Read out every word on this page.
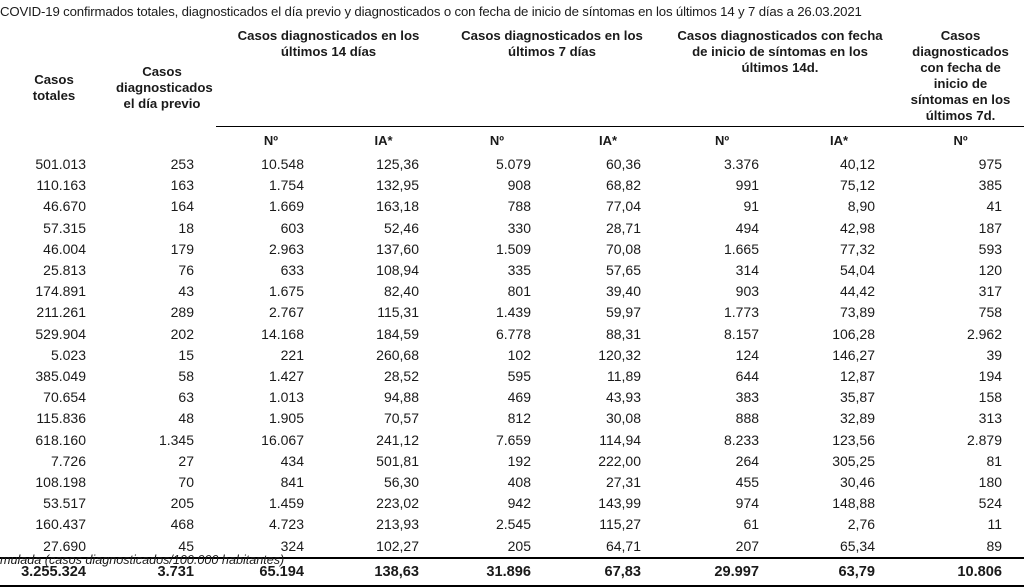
COVID-19 confirmados totales, diagnosticados el día previo y diagnosticados o con fecha de inicio de síntomas en los últimos 14 y 7 días a 26.03.2021
Casos
totales	Casos
diagnosticados
el día previo	Casos diagnosticados en los últimos 14 días		Casos diagnosticados en los últimos 7 días		Casos diagnosticados con fecha de inicio de síntomas en los últimos 14d.		Casos diagnosticados con fecha de inicio de síntomas en los últimos 7d.

		Nº	IA*	Nº	IA*	Nº	IA*	Nº
501.013	253	10.548	125,36	5.079	60,36	3.376	40,12	975
110.163	163	1.754	132,95	908	68,82	991	75,12	385
46.670	164	1.669	163,18	788	77,04	91	8,90	41
57.315	18	603	52,46	330	28,71	494	42,98	187
46.004	179	2.963	137,60	1.509	70,08	1.665	77,32	593
25.813	76	633	108,94	335	57,65	314	54,04	120
174.891	43	1.675	82,40	801	39,40	903	44,42	317
211.261	289	2.767	115,31	1.439	59,97	1.773	73,89	758
529.904	202	14.168	184,59	6.778	88,31	8.157	106,28	2.962
5.023	15	221	260,68	102	120,32	124	146,27	39
385.049	58	1.427	28,52	595	11,89	644	12,87	194
70.654	63	1.013	94,88	469	43,93	383	35,87	158
115.836	48	1.905	70,57	812	30,08	888	32,89	313
618.160	1.345	16.067	241,12	7.659	114,94	8.233	123,56	2.879
7.726	27	434	501,81	192	222,00	264	305,25	81
108.198	70	841	56,30	408	27,31	455	30,46	180
53.517	205	1.459	223,02	942	143,99	974	148,88	524
160.437	468	4.723	213,93	2.545	115,27	61	2,76	11
27.690	45	324	102,27	205	64,71	207	65,34	89
3.255.324	3.731	65.194	138,63	31.896	67,83	29.997	63,79	10.806
mulada (casos diagnosticados/100.000 habitantes)
